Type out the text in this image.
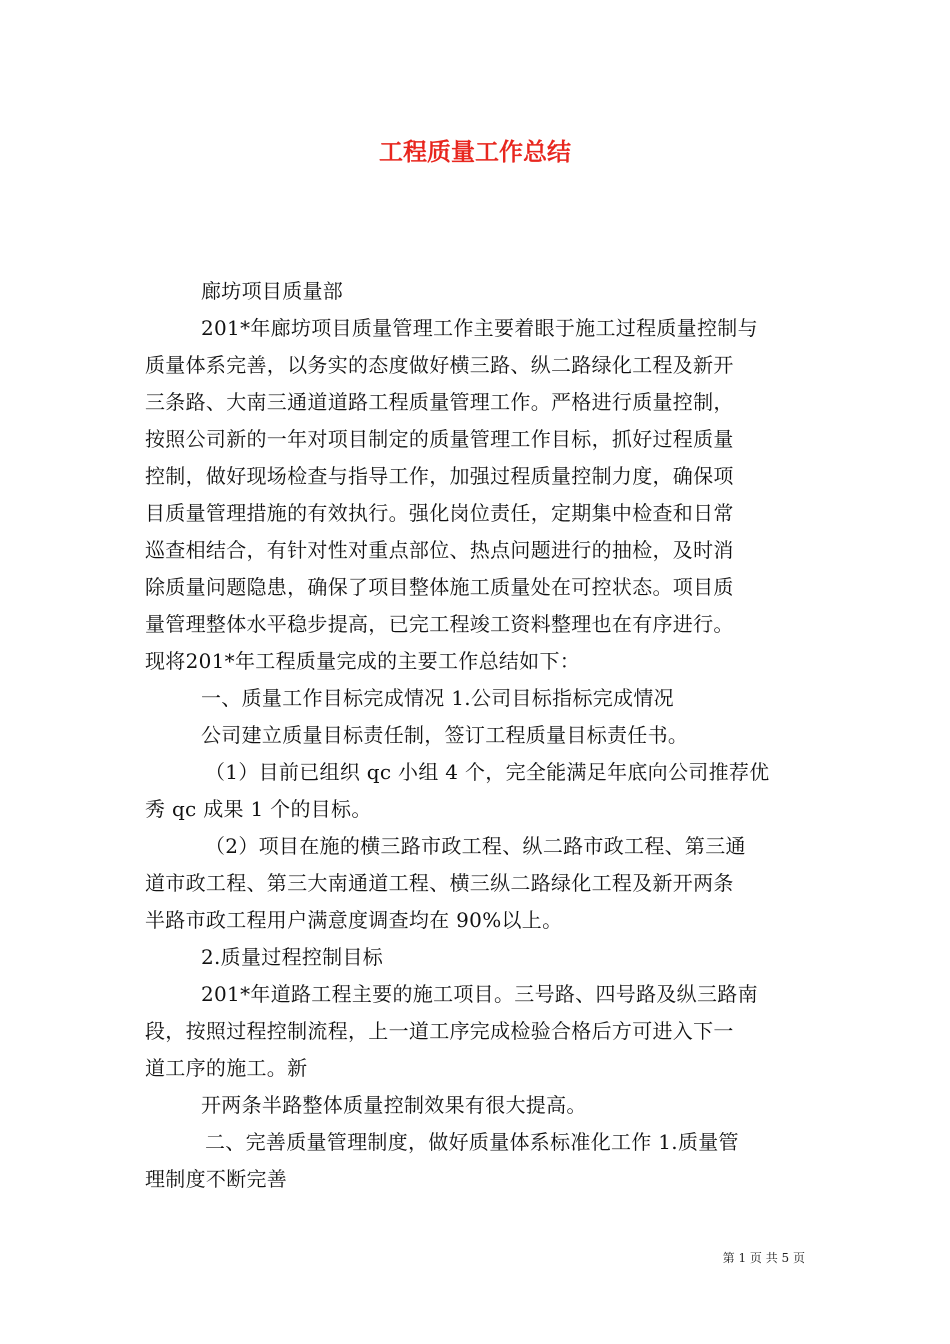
工程质量工作总结
廊坊项目质量部
201*年廊坊项目质量管理工作主要着眼于施工过程质量控制与
质量体系完善，以务实的态度做好横三路、纵二路绿化工程及新开
三条路、大南三通道道路工程质量管理工作。严格进行质量控制，
按照公司新的一年对项目制定的质量管理工作目标，抓好过程质量
控制，做好现场检查与指导工作，加强过程质量控制力度，确保项
目质量管理措施的有效执行。强化岗位责任，定期集中检查和日常
巡查相结合，有针对性对重点部位、热点问题进行的抽检，及时消
除质量问题隐患，确保了项目整体施工质量处在可控状态。项目质
量管理整体水平稳步提高，已完工程竣工资料整理也在有序进行。
现将201*年工程质量完成的主要工作总结如下：
一、质量工作目标完成情况 1.公司目标指标完成情况
公司建立质量目标责任制，签订工程质量目标责任书。
（1）目前已组织 qc 小组 4 个，完全能满足年底向公司推荐优
秀 qc 成果 1 个的目标。
（2）项目在施的横三路市政工程、纵二路市政工程、第三通
道市政工程、第三大南通道工程、横三纵二路绿化工程及新开两条
半路市政工程用户满意度调查均在 90%以上。
2.质量过程控制目标
201*年道路工程主要的施工项目。三号路、四号路及纵三路南
段，按照过程控制流程，上一道工序完成检验合格后方可进入下一
道工序的施工。新
开两条半路整体质量控制效果有很大提高。
二、完善质量管理制度，做好质量体系标准化工作 1.质量管
理制度不断完善
第 1 页 共 5 页
